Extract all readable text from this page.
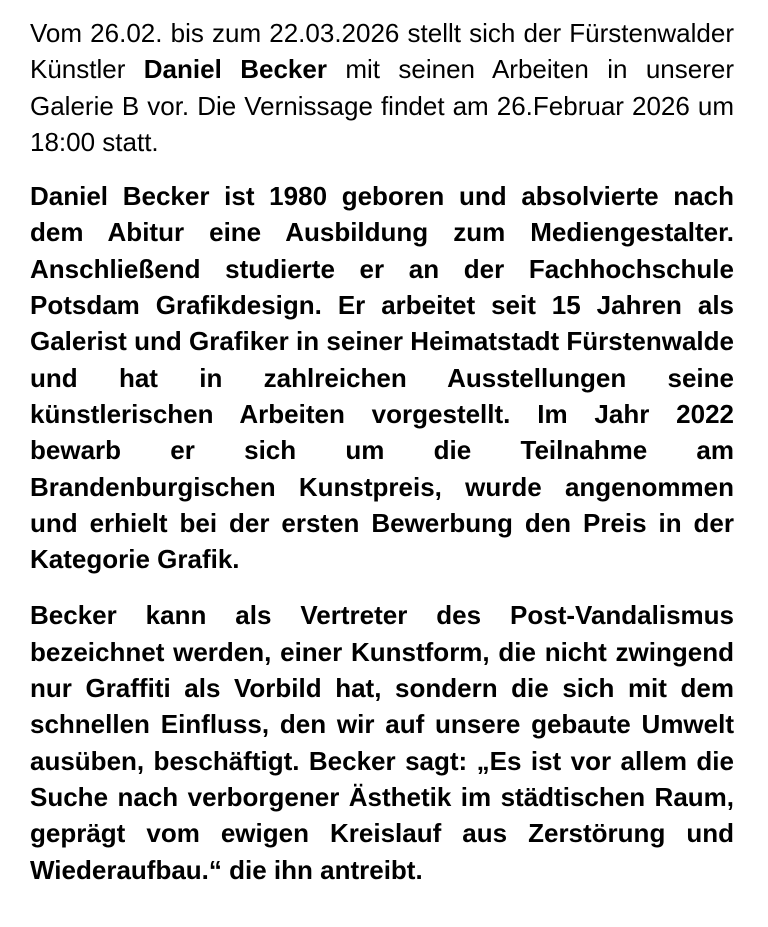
Vom 26.02. bis zum 22.03.2026 stellt sich der Fürstenwalder Künstler Daniel Becker mit seinen Arbeiten in unserer Galerie B vor. Die Vernissage findet am 26.Februar 2026 um 18:00 statt.

Daniel Becker ist 1980 geboren und absolvierte nach dem Abitur eine Ausbildung zum Mediengestalter. Anschließend studierte er an der Fachhochschule Potsdam Grafikdesign. Er arbeitet seit 15 Jahren als Galerist und Grafiker in seiner Heimatstadt Fürstenwalde und hat in zahlreichen Ausstellungen seine künstlerischen Arbeiten vorgestellt. Im Jahr 2022 bewarb er sich um die Teilnahme am Brandenburgischen Kunstpreis, wurde angenommen und erhielt bei der ersten Bewerbung den Preis in der Kategorie Grafik.

Becker kann als Vertreter des Post-Vandalismus bezeichnet werden, einer Kunstform, die nicht zwingend nur Graffiti als Vorbild hat, sondern die sich mit dem schnellen Einfluss, den wir auf unsere gebaute Umwelt ausüben, beschäftigt. Becker sagt: „Es ist vor allem die Suche nach verborgener Ästhetik im städtischen Raum, geprägt vom ewigen Kreislauf aus Zerstörung und Wiederaufbau.“ die ihn antreibt.
